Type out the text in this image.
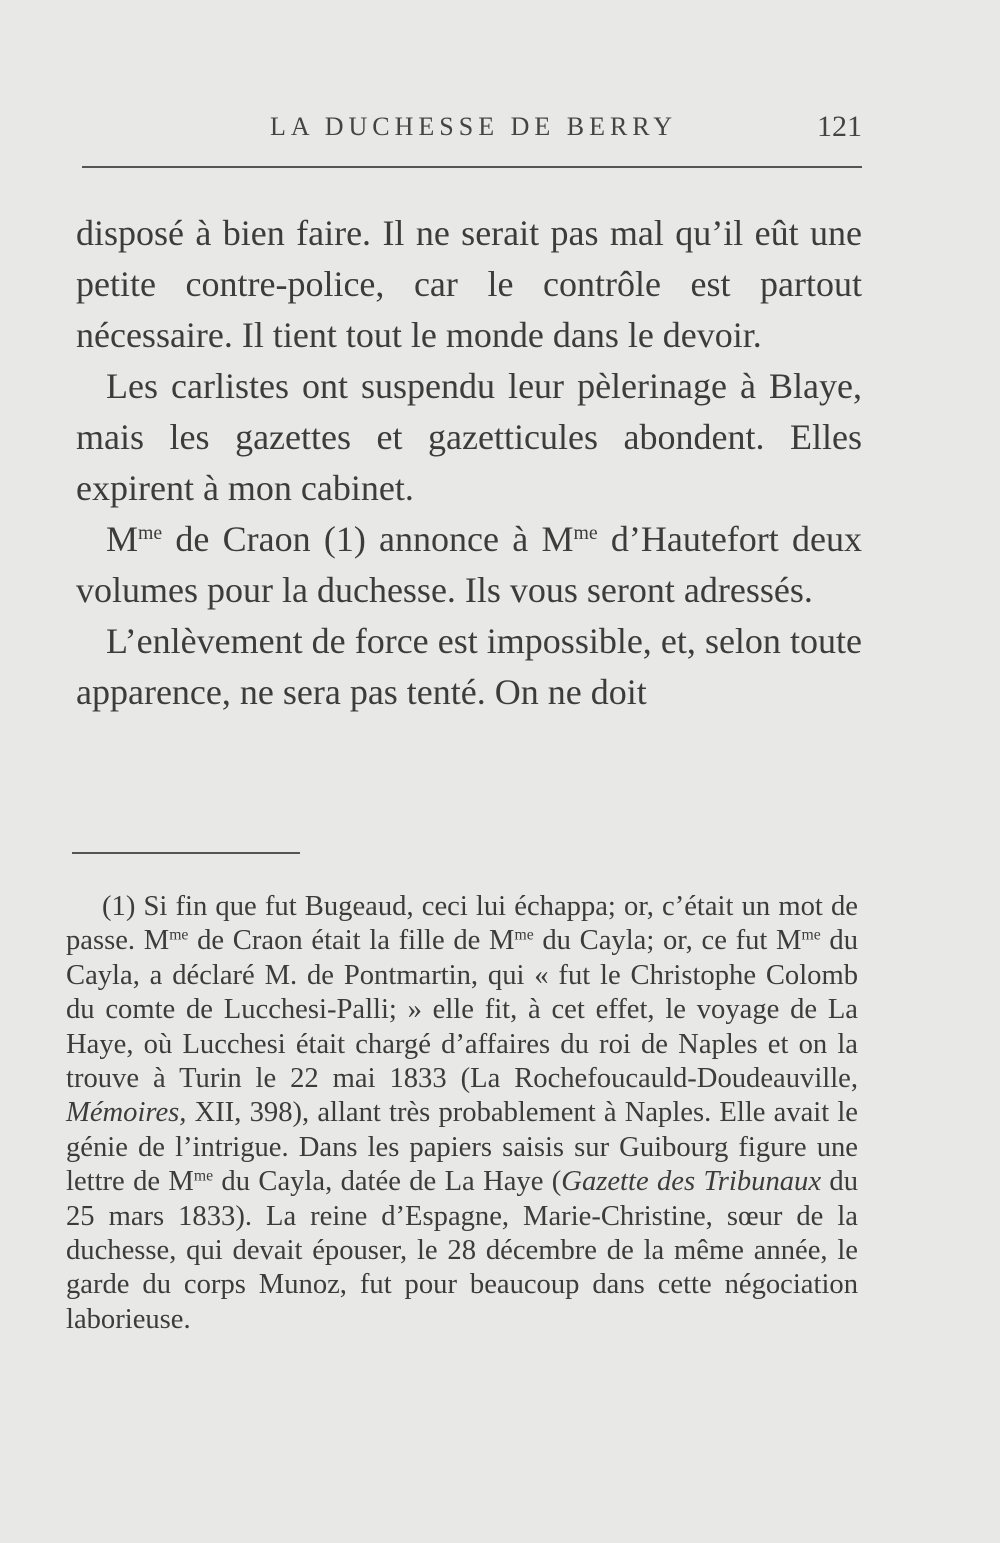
LA DUCHESSE DE BERRY	121

disposé à bien faire. Il ne serait pas mal qu’il eût une petite contre-police, car le contrôle est partout nécessaire. Il tient tout le monde dans le devoir.

Les carlistes ont suspendu leur pèlerinage à Blaye, mais les gazettes et gazetticules abondent. Elles expirent à mon cabinet.

$M^{me}$ de Craon (1) annonce à $M^{me}$ d’Hautefort deux volumes pour la duchesse. Ils vous seront adressés.

L’enlèvement de force est impossible, et, selon toute apparence, ne sera pas tenté. On ne doit

(1) Si fin que fut Bugeaud, ceci lui échappa; or, c’était un mot de passe. $M^{me}$ de Craon était la fille de $M^{me}$ du Cayla; or, ce fut $M^{me}$ du Cayla, a déclaré M. de Pontmartin, qui « fut le Christophe Colomb du comte de Lucchesi-Palli; » elle fit, à cet effet, le voyage de La Haye, où Lucchesi était chargé d’affaires du roi de Naples et on la trouve à Turin le 22 mai 1833 (La Rochefoucauld-Doudeauville, Mémoires, XII, 398), allant très probablement à Naples. Elle avait le génie de l’intrigue. Dans les papiers saisis sur Guibourg figure une lettre de $M^{me}$ du Cayla, datée de La Haye (Gazette des Tribunaux du 25 mars 1833). La reine d’Espagne, Marie-Christine, sœur de la duchesse, qui devait épouser, le 28 décembre de la même année, le garde du corps Munoz, fut pour beaucoup dans cette négociation laborieuse.
